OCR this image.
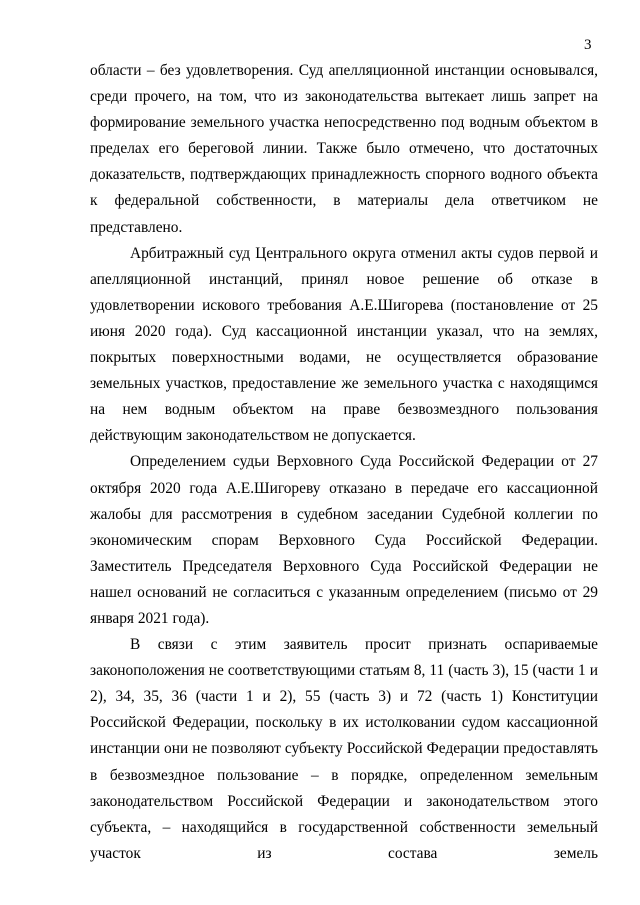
3

области – без удовлетворения. Суд апелляционной инстанции основывался, среди прочего, на том, что из законодательства вытекает лишь запрет на формирование земельного участка непосредственно под водным объектом в пределах его береговой линии. Также было отмечено, что достаточных доказательств, подтверждающих принадлежность спорного водного объекта к федеральной собственности, в материалы дела ответчиком не представлено.

Арбитражный суд Центрального округа отменил акты судов первой и апелляционной инстанций, принял новое решение об отказе в удовлетворении искового требования А.Е.Шигорева (постановление от 25 июня 2020 года). Суд кассационной инстанции указал, что на землях, покрытых поверхностными водами, не осуществляется образование земельных участков, предоставление же земельного участка с находящимся на нем водным объектом на праве безвозмездного пользования действующим законодательством не допускается.

Определением судьи Верховного Суда Российской Федерации от 27 октября 2020 года А.Е.Шигореву отказано в передаче его кассационной жалобы для рассмотрения в судебном заседании Судебной коллегии по экономическим спорам Верховного Суда Российской Федерации. Заместитель Председателя Верховного Суда Российской Федерации не нашел оснований не согласиться с указанным определением (письмо от 29 января 2021 года).

В связи с этим заявитель просит признать оспариваемые законоположения не соответствующими статьям 8, 11 (часть 3), 15 (части 1 и 2), 34, 35, 36 (части 1 и 2), 55 (часть 3) и 72 (часть 1) Конституции Российской Федерации, поскольку в их истолковании судом кассационной инстанции они не позволяют субъекту Российской Федерации предоставлять в безвозмездное пользование – в порядке, определенном земельным законодательством Российской Федерации и законодательством этого субъекта, – находящийся в государственной собственности земельный участок из состава земель
